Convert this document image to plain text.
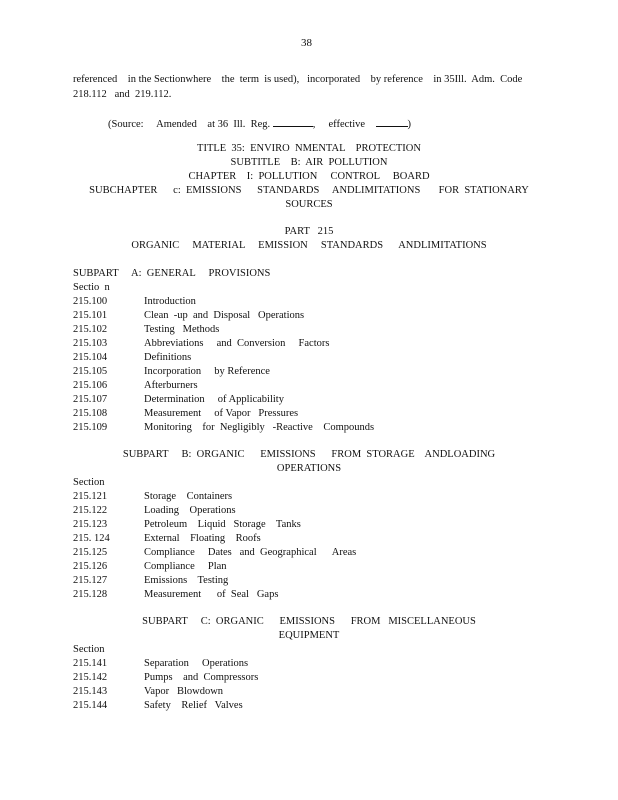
38
referenced    in the Sectionwhere    the  term  is used),   incorporated    by reference    in 35Ill.  Adm.  Code
218.112   and  219.112.
(Source:     Amended    at 36  Ill.  Reg.	, effective	)
TITLE  35:  ENVIRO  NMENTAL    PROTECTION
SUBTITLE    B:  AIR  POLLUTION
CHAPTER    I:  POLLUTION     CONTROL     BOARD
SUBCHAPTER      c:  EMISSIONS      STANDARDS     ANDLIMITATIONS       FOR  STATIONARY
SOURCES
PART   215
ORGANIC     MATERIAL     EMISSION     STANDARDS      ANDLIMITATIONS
SUBPART     A:  GENERAL     PROVISIONS
Sectio  n
215.100	Introduction
215.101	Clean  -up  and  Disposal   Operations
215.102	Testing   Methods
215.103	Abbreviations     and  Conversion     Factors
215.104	Definitions
215.105	Incorporation     by Reference
215.106	Afterburners
215.107	Determination     of Applicability
215.108	Measurement     of Vapor   Pressures
215.109	Monitoring    for  Negligibly   -Reactive    Compounds
SUBPART     B:  ORGANIC      EMISSIONS      FROM  STORAGE    ANDLOADING
OPERATIONS
Section
215.121	Storage    Containers
215.122	Loading    Operations
215.123	Petroleum    Liquid   Storage    Tanks
215. 124	External    Floating    Roofs
215.125	Compliance     Dates   and  Geographical      Areas
215.126	Compliance     Plan
215.127	Emissions    Testing
215.128	Measurement      of  Seal   Gaps
SUBPART     C:  ORGANIC      EMISSIONS      FROM   MISCELLANEOUS
EQUIPMENT
Section
215.141	Separation     Operations
215.142	Pumps    and  Compressors
215.143	Vapor   Blowdown
215.144	Safety    Relief   Valves
